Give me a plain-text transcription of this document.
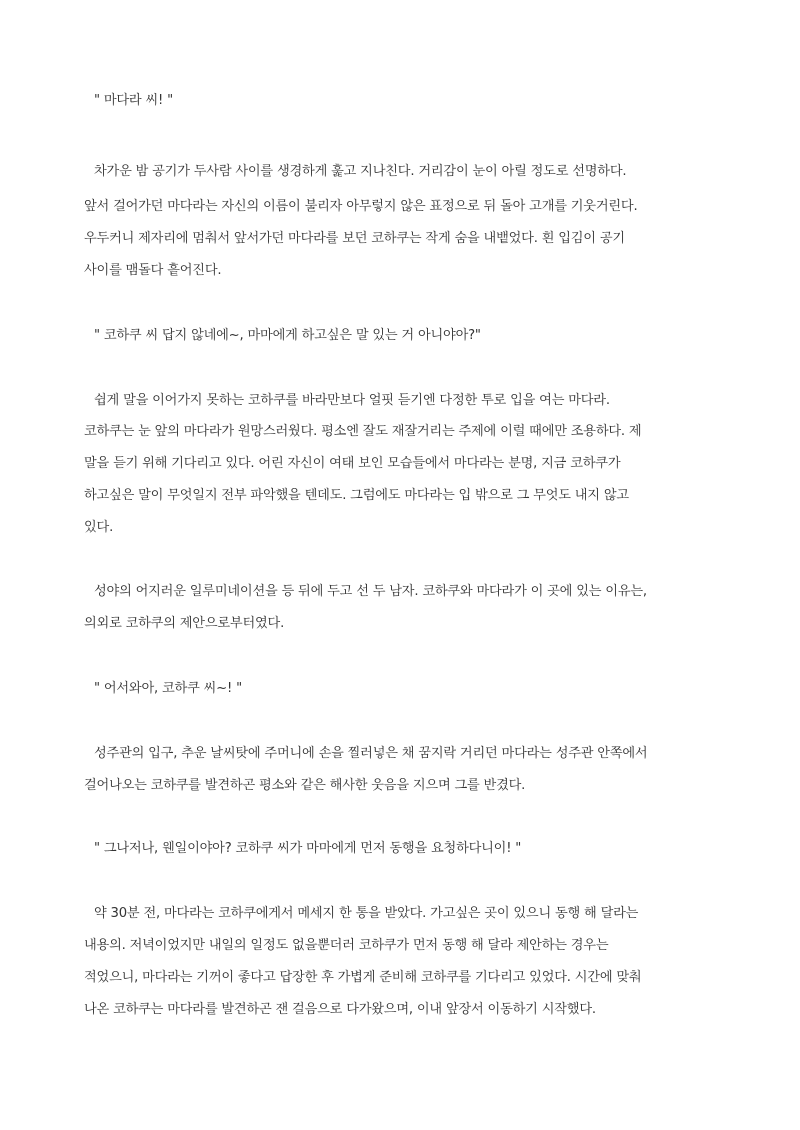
" 마다라 씨! "
차가운 밤 공기가 두사람 사이를 생경하게 훑고 지나친다. 거리감이 눈이 아릴 정도로 선명하다.
앞서 걸어가던 마다라는 자신의 이름이 불리자 아무렇지 않은 표정으로 뒤 돌아 고개를 기웃거린다.
우두커니 제자리에 멈춰서 앞서가던 마다라를 보던 코하쿠는 작게 숨을 내뱉었다. 흰 입김이 공기
사이를 맴돌다 흩어진다.
" 코하쿠 씨 답지 않네에~, 마마에게 하고싶은 말 있는 거 아니야아?"
쉽게 말을 이어가지 못하는 코하쿠를 바라만보다 얼핏 듣기엔 다정한 투로 입을 여는 마다라.
코하쿠는 눈 앞의 마다라가 원망스러웠다. 평소엔 잘도 재잘거리는 주제에 이럴 때에만 조용하다. 제
말을 듣기 위해 기다리고 있다. 어린 자신이 여태 보인 모습들에서 마다라는 분명, 지금 코하쿠가
하고싶은 말이 무엇일지 전부 파악했을 텐데도. 그럼에도 마다라는 입 밖으로 그 무엇도 내지 않고
있다.
성야의 어지러운 일루미네이션을 등 뒤에 두고 선 두 남자. 코하쿠와 마다라가 이 곳에 있는 이유는,
의외로 코하쿠의 제안으로부터였다.
" 어서와아, 코하쿠 씨~! "
성주관의 입구, 추운 날씨탓에 주머니에 손을 찔러넣은 채 꿈지락 거리던 마다라는 성주관 안쪽에서
걸어나오는 코하쿠를 발견하곤 평소와 같은 해사한 웃음을 지으며 그를 반겼다.
" 그나저나, 웬일이야아? 코하쿠 씨가 마마에게 먼저 동행을 요청하다니이! "
약 30분 전, 마다라는 코하쿠에게서 메세지 한 통을 받았다. 가고싶은 곳이 있으니 동행 해 달라는
내용의. 저녁이었지만 내일의 일정도 없을뿐더러 코하쿠가 먼저 동행 해 달라 제안하는 경우는
적었으니, 마다라는 기꺼이 좋다고 답장한 후 가볍게 준비해 코하쿠를 기다리고 있었다. 시간에 맞춰
나온 코하쿠는 마다라를 발견하곤 잰 걸음으로 다가왔으며, 이내 앞장서 이동하기 시작했다.
